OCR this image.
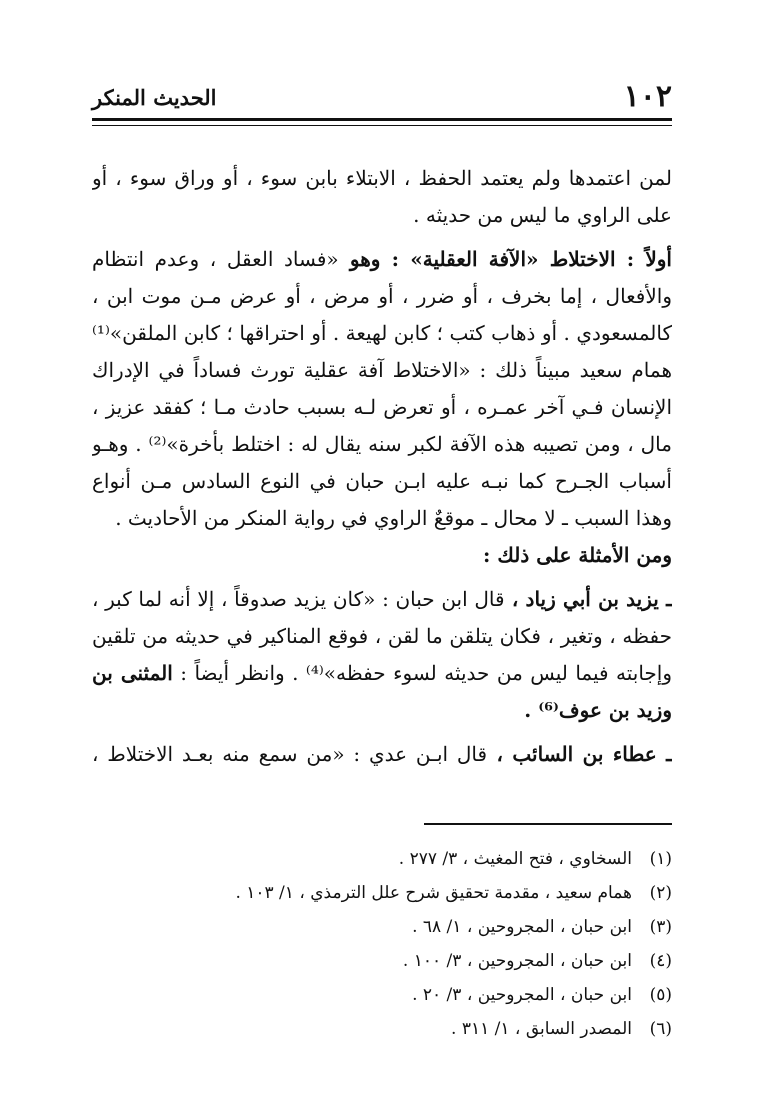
١٠٢
الحديث المنكر
لمن اعتمدها ولم يعتمد الحفظ ، الابتلاء بابن سوء ، أو وراق سوء ، أو
على الراوي ما ليس من حديثه .
أولاً : الاختلاط «الآفة العقلية» : وهو «فساد العقل ، وعدم انتظام
والأفعال ، إما بخرف ، أو ضرر ، أو مرض ، أو عرض مـن موت ابن ،
كالمسعودي . أو ذهاب كتب ؛ كابن لهيعة . أو احتراقها ؛ كابن الملقن»⁽¹⁾
همام سعيد مبيناً ذلك : «الاختلاط آفة عقلية تورث فساداً في الإدراك
الإنسان فـي آخر عمـره ، أو تعرض لـه بسبب حادث مـا ؛ كفقد عزيز ،
مال ، ومن تصيبه هذه الآفة لكبر سنه يقال له : اختلط بأخرة»⁽²⁾ . وهـو
أسباب الجـرح كما نبـه عليه ابـن حبان في النوع السادس مـن أنواع
وهذا السبب ـ لا محال ـ موقعٌ الراوي في رواية المنكر من الأحاديث .
ومن الأمثلة على ذلك :
ـ يزيد بن أبي زياد ، قال ابن حبان : «كان يزيد صدوقاً ، إلا أنه لما كبر ،
حفظه ، وتغير ، فكان يتلقن ما لقن ، فوقع المناكير في حديثه من تلقين
وإجابته فيما ليس من حديثه لسوء حفظه»⁽⁴⁾ . وانظر أيضاً : المثنى بن
وزيد بن عوف⁽⁶⁾ .
ـ عطاء بن السائب ، قال ابـن عدي : «من سمع منه بعـد الاختلاط ،
(١)السخاوي ، فتح المغيث ، ٣/ ٢٧٧ .
(٢)همام سعيد ، مقدمة تحقيق شرح علل الترمذي ، ١/ ١٠٣ .
(٣)ابن حبان ، المجروحين ، ١/ ٦٨ .
(٤)ابن حبان ، المجروحين ، ٣/ ١٠٠ .
(٥)ابن حبان ، المجروحين ، ٣/ ٢٠ .
(٦)المصدر السابق ، ١/ ٣١١ .
